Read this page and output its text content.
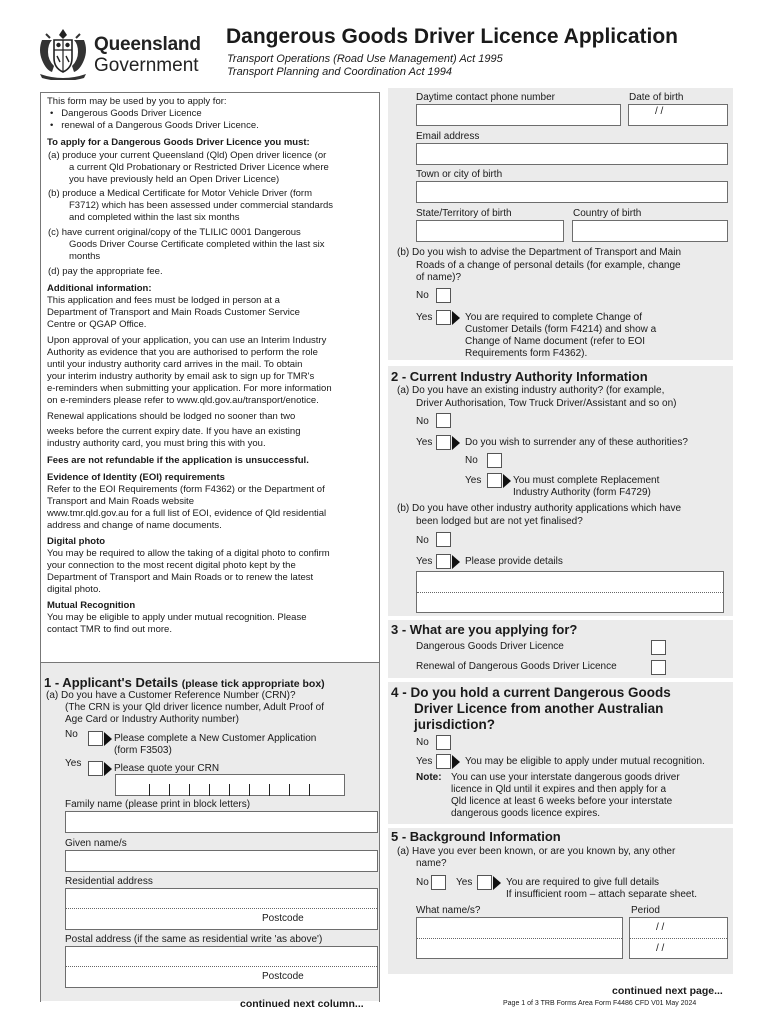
Queensland
Government
Dangerous Goods Driver Licence Application
Transport Operations (Road Use Management) Act 1995
Transport Planning and Coordination Act 1994
This form may be used by you to apply for:
•   Dangerous Goods Driver Licence
•   renewal of a Dangerous Goods Driver Licence.
To apply for a Dangerous Goods Driver Licence you must:
(a) produce your current Queensland (Qld) Open driver licence (or
a current Qld Probationary or Restricted Driver Licence where
you have previously held an Open Driver Licence)
(b) produce a Medical Certificate for Motor Vehicle Driver (form
F3712) which has been assessed under commercial standards
and completed within the last six months
(c) have current original/copy of the TLILIC 0001 Dangerous
Goods Driver Course Certificate completed within the last six
months
(d) pay the appropriate fee.
Additional information:
This application and fees must be lodged in person at a
Department of Transport and Main Roads Customer Service
Centre or QGAP Office.
Upon approval of your application, you can use an Interim Industry
Authority as evidence that you are authorised to perform the role
until your industry authority card arrives in the mail. To obtain
your interim industry authority by email ask to sign up for TMR's
e-reminders when submitting your application. For more information
on e-reminders please refer to www.qld.gov.au/transport/enotice.
Renewal applications should be lodged no sooner than two
weeks before the current expiry date. If you have an existing
industry authority card, you must bring this with you.
Fees are not refundable if the application is unsuccessful.
Evidence of Identity (EOI) requirements
Refer to the EOI Requirements (form F4362) or the Department of
Transport and Main Roads website
www.tmr.qld.gov.au for a full list of EOI, evidence of Qld residential
address and change of name documents.
Digital photo
You may be required to allow the taking of a digital photo to confirm
your connection to the most recent digital photo kept by the
Department of Transport and Main Roads or to renew the latest
digital photo.
Mutual Recognition
You may be eligible to apply under mutual recognition. Please
contact TMR to find out more.
1 - Applicant's Details (please tick appropriate box)
(a) Do you have a Customer Reference Number (CRN)?
(The CRN is your Qld driver licence number, Adult Proof of
Age Card or Industry Authority number)
No	Please complete a New Customer Application
(form F3503)
Yes	Please quote your CRN
Family name (please print in block letters)
Given name/s
Residential address
Postcode
Postal address (if the same as residential write 'as above')
Postcode
continued next column...
Daytime contact phone number	Date of birth
/ /
Email address
Town or city of birth
State/Territory of birth	Country of birth
(b) Do you wish to advise the Department of Transport and Main
Roads of a change of personal details (for example, change
of name)?
No
Yes	You are required to complete Change of
Customer Details (form F4214) and show a
Change of Name document (refer to EOI
Requirements form F4362).
2 - Current Industry Authority Information
(a) Do you have an existing industry authority? (for example,
Driver Authorisation, Tow Truck Driver/Assistant and so on)
No
Yes	Do you wish to surrender any of these authorities?
No
Yes	You must complete Replacement
Industry Authority (form F4729)
(b) Do you have other industry authority applications which have
been lodged but are not yet finalised?
No
Yes	Please provide details
3 - What are you applying for?
Dangerous Goods Driver Licence
Renewal of Dangerous Goods Driver Licence
4 - Do you hold a current Dangerous Goods
Driver Licence from another Australian
jurisdiction?
No
Yes	You may be eligible to apply under mutual recognition.
Note: You can use your interstate dangerous goods driver
licence in Qld until it expires and then apply for a
Qld licence at least 6 weeks before your interstate
dangerous goods licence expires.
5 - Background Information
(a) Have you ever been known, or are you known by, any other
name?
No	Yes	You are required to give full details
If insufficient room – attach separate sheet.
What name/s?	Period
/ /
/ /
continued next page...
Page 1 of 3 TRB Forms Area Form F4486 CFD V01 May 2024
